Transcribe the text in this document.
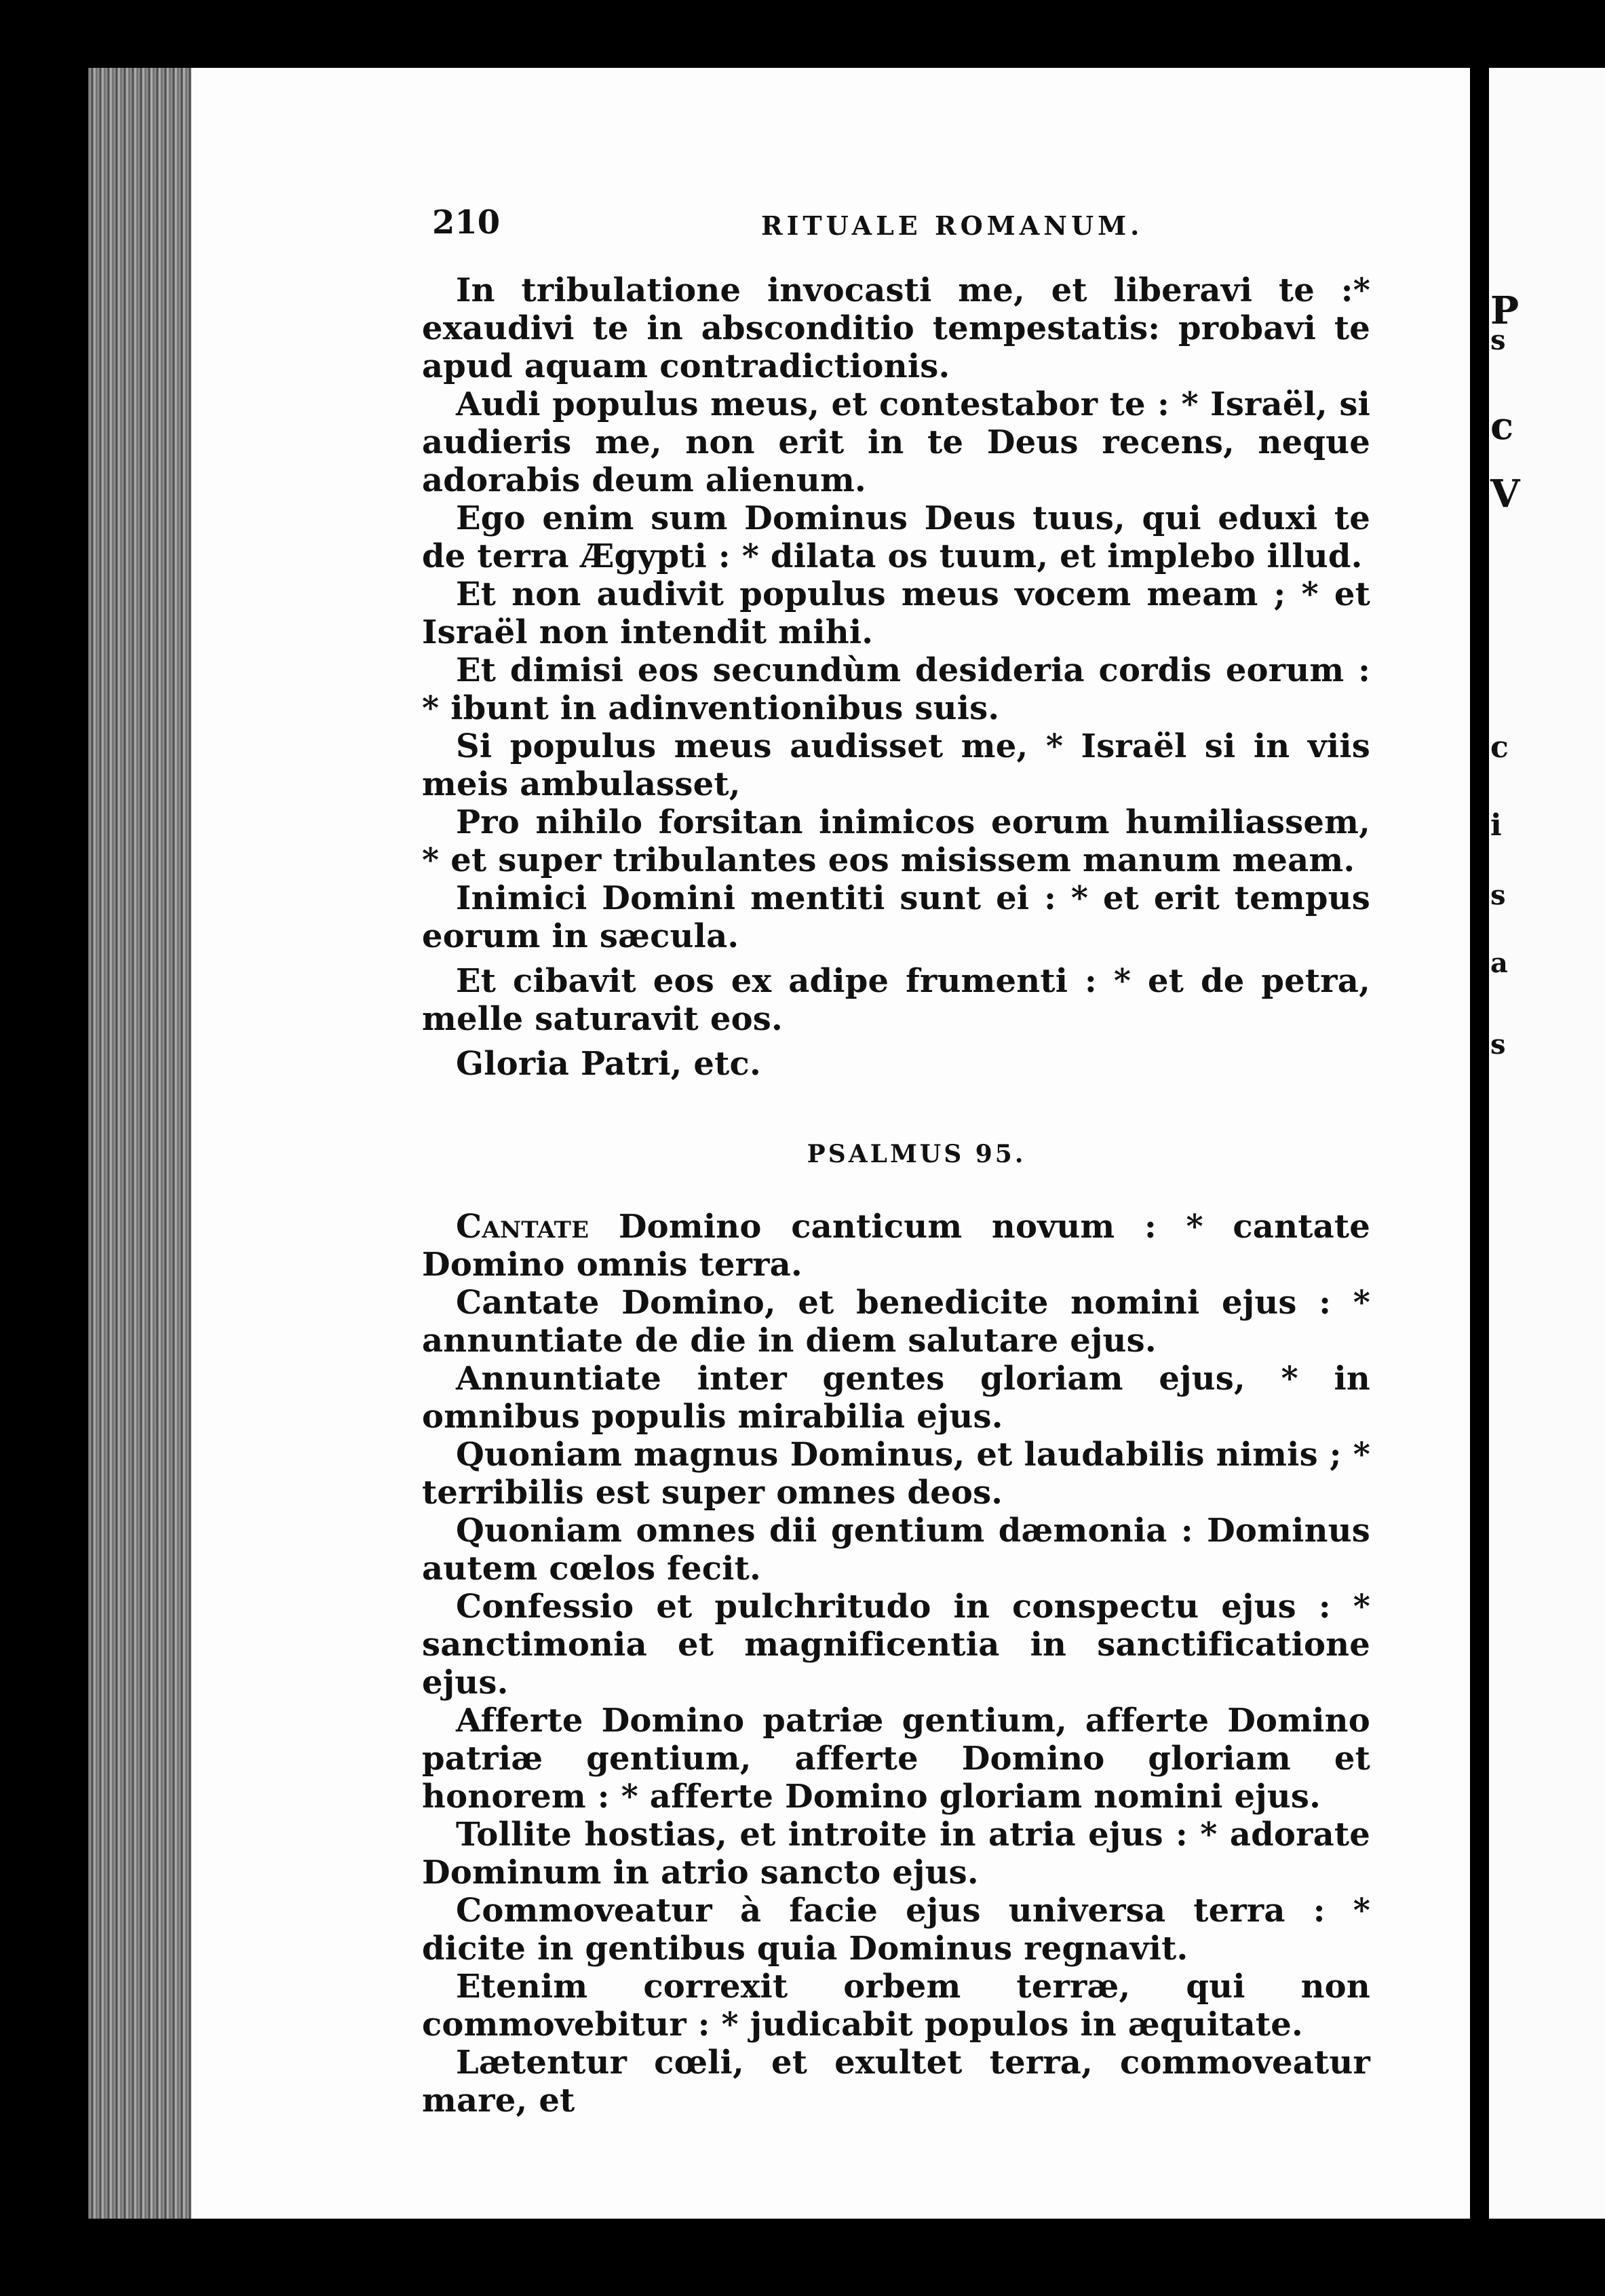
210	RITUALE ROMANUM.

In tribulatione invocasti me, et liberavi te :* exaudivi te in absconditio tempestatis: probavi te apud aquam contradictionis.

Audi populus meus, et contestabor te : * Israël, si audieris me, non erit in te Deus recens, neque adorabis deum alienum.

Ego enim sum Dominus Deus tuus, qui eduxi te de terra Ægypti : * dilata os tuum, et implebo illud.

Et non audivit populus meus vocem meam ; * et Israël non intendit mihi.

Et dimisi eos secundùm desideria cordis eorum : * ibunt in adinventionibus suis.

Si populus meus audisset me, * Israël si in viis meis ambulasset,

Pro nihilo forsitan inimicos eorum humiliassem, * et super tribulantes eos misissem manum meam.

Inimici Domini mentiti sunt ei : * et erit tempus eorum in sæcula.

Et cibavit eos ex adipe frumenti : * et de petra, melle saturavit eos.

Gloria Patri, etc.

PSALMUS 95.

Cantate Domino canticum novum : * cantate Domino omnis terra.

Cantate Domino, et benedicite nomini ejus : * annuntiate de die in diem salutare ejus.

Annuntiate inter gentes gloriam ejus, * in omnibus populis mirabilia ejus.

Quoniam magnus Dominus, et laudabilis nimis ; * terribilis est super omnes deos.

Quoniam omnes dii gentium dæmonia : Dominus autem cœlos fecit.

Confessio et pulchritudo in conspectu ejus : * sanctimonia et magnificentia in sanctificatione ejus.

Afferte Domino patriæ gentium, afferte Domino patriæ gentium, afferte Domino gloriam et honorem : * afferte Domino gloriam nomini ejus.

Tollite hostias, et introite in atria ejus : * adorate Dominum in atrio sancto ejus.

Commoveatur à facie ejus universa terra : * dicite in gentibus quia Dominus regnavit.

Etenim correxit orbem terræ, qui non commovebitur : * judicabit populos in æquitate.

Lætentur cœli, et exultet terra, commoveatur mare, et

P
s
c
V
c
i
s
a
s
